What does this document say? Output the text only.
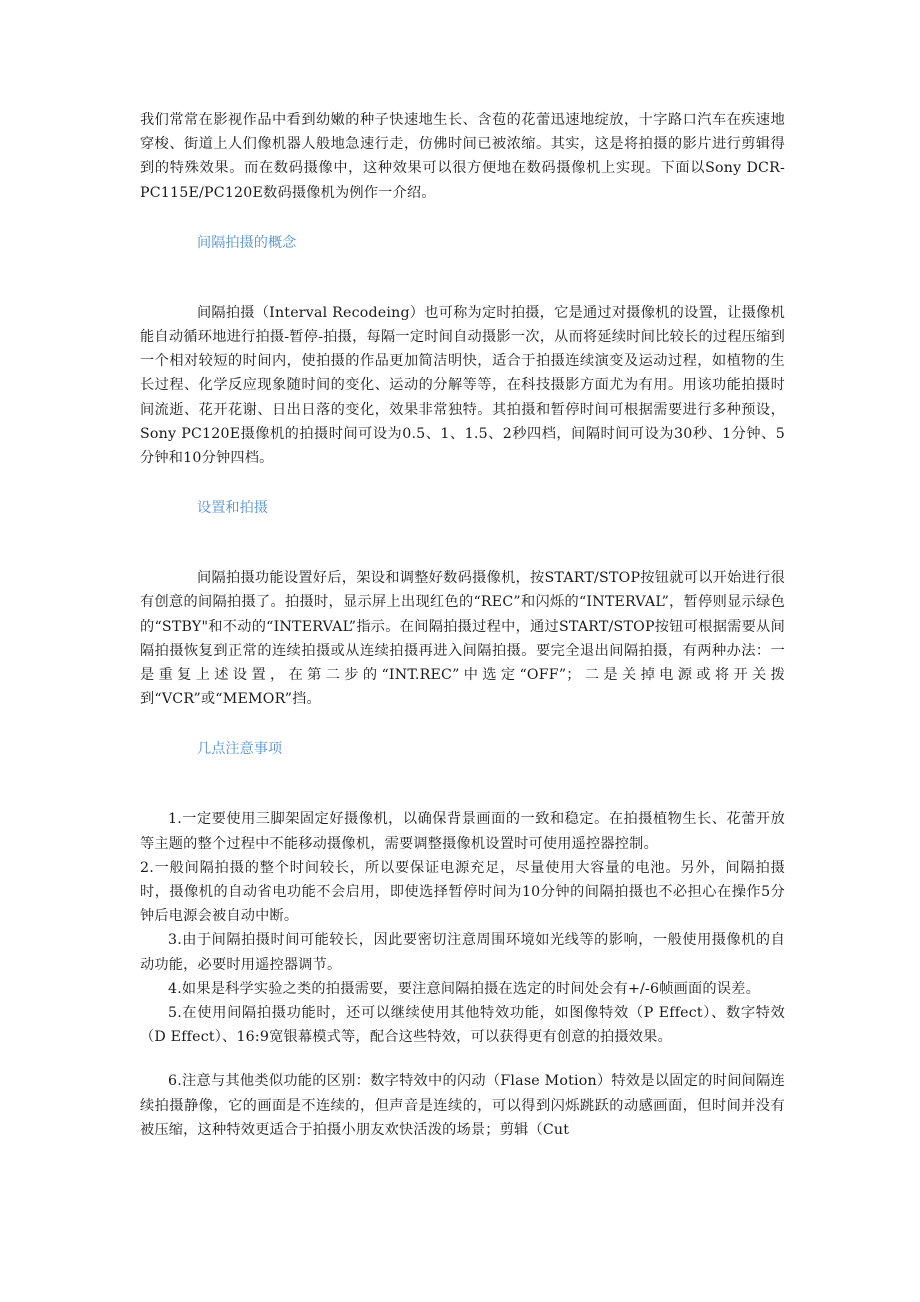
我们常常在影视作品中看到幼嫩的种子快速地生长、含苞的花蕾迅速地绽放，十字路口汽车在疾速地穿梭、街道上人们像机器人般地急速行走，仿佛时间已被浓缩。其实，这是将拍摄的影片进行剪辑得到的特殊效果。而在数码摄像中，这种效果可以很方便地在数码摄像机上实现。下面以Sony DCR-PC115E/PC120E数码摄像机为例作一介绍。

间隔拍摄的概念

间隔拍摄（Interval Recodeing）也可称为定时拍摄，它是通过对摄像机的设置，让摄像机能自动循环地进行拍摄-暂停-拍摄，每隔一定时间自动摄影一次，从而将延续时间比较长的过程压缩到一个相对较短的时间内，使拍摄的作品更加简洁明快，适合于拍摄连续演变及运动过程，如植物的生长过程、化学反应现象随时间的变化、运动的分解等等，在科技摄影方面尤为有用。用该功能拍摄时间流逝、花开花谢、日出日落的变化，效果非常独特。其拍摄和暂停时间可根据需要进行多种预设，Sony PC120E摄像机的拍摄时间可设为0.5、1、1.5、2秒四档，间隔时间可设为30秒、1分钟、5分钟和10分钟四档。

设置和拍摄

间隔拍摄功能设置好后，架设和调整好数码摄像机，按START/STOP按钮就可以开始进行很有创意的间隔拍摄了。拍摄时，显示屏上出现红色的“REC”和闪烁的“INTERVAL”，暂停则显示绿色的“STBY"和不动的“INTERVAL”指示。在间隔拍摄过程中，通过START/STOP按钮可根据需要从间隔拍摄恢复到正常的连续拍摄或从连续拍摄再进入间隔拍摄。要完全退出间隔拍摄，有两种办法：一是重复上述设置，在第二步的“INT.REC”中选定“OFF”；二是关掉电源或将开关拨到“VCR”或“MEMOR”挡。

几点注意事项

1.一定要使用三脚架固定好摄像机，以确保背景画面的一致和稳定。在拍摄植物生长、花蕾开放等主题的整个过程中不能移动摄像机，需要调整摄像机设置时可使用遥控器控制。

2.一般间隔拍摄的整个时间较长，所以要保证电源充足，尽量使用大容量的电池。另外，间隔拍摄时，摄像机的自动省电功能不会启用，即使选择暂停时间为10分钟的间隔拍摄也不必担心在操作5分钟后电源会被自动中断。

3.由于间隔拍摄时间可能较长，因此要密切注意周围环境如光线等的影响，一般使用摄像机的自动功能，必要时用遥控器调节。

4.如果是科学实验之类的拍摄需要，要注意间隔拍摄在选定的时间处会有+/-6帧画面的误差。

5.在使用间隔拍摄功能时，还可以继续使用其他特效功能，如图像特效（P Effect）、数字特效（D Effect）、16:9宽银幕模式等，配合这些特效，可以获得更有创意的拍摄效果。

6.注意与其他类似功能的区别：数字特效中的闪动（Flase Motion）特效是以固定的时间间隔连续拍摄静像，它的画面是不连续的，但声音是连续的，可以得到闪烁跳跃的动感画面，但时间并没有被压缩，这种特效更适合于拍摄小朋友欢快活泼的场景；剪辑（Cut
